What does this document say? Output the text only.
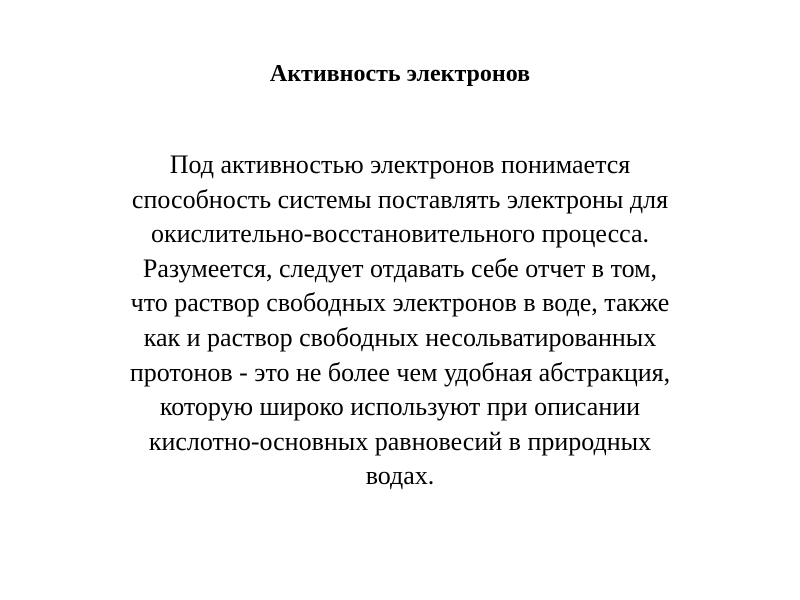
Активность электронов

Под активностью электронов понимается
способность системы поставлять электроны для
окислительно-восстановительного процесса.
Разумеется, следует отдавать себе отчет в том,
что раствор свободных электронов в воде, также
как и раствор свободных несольватированных
протонов - это не более чем удобная абстракция,
которую широко используют при описании
кислотно-основных равновесий в природных
водах.
